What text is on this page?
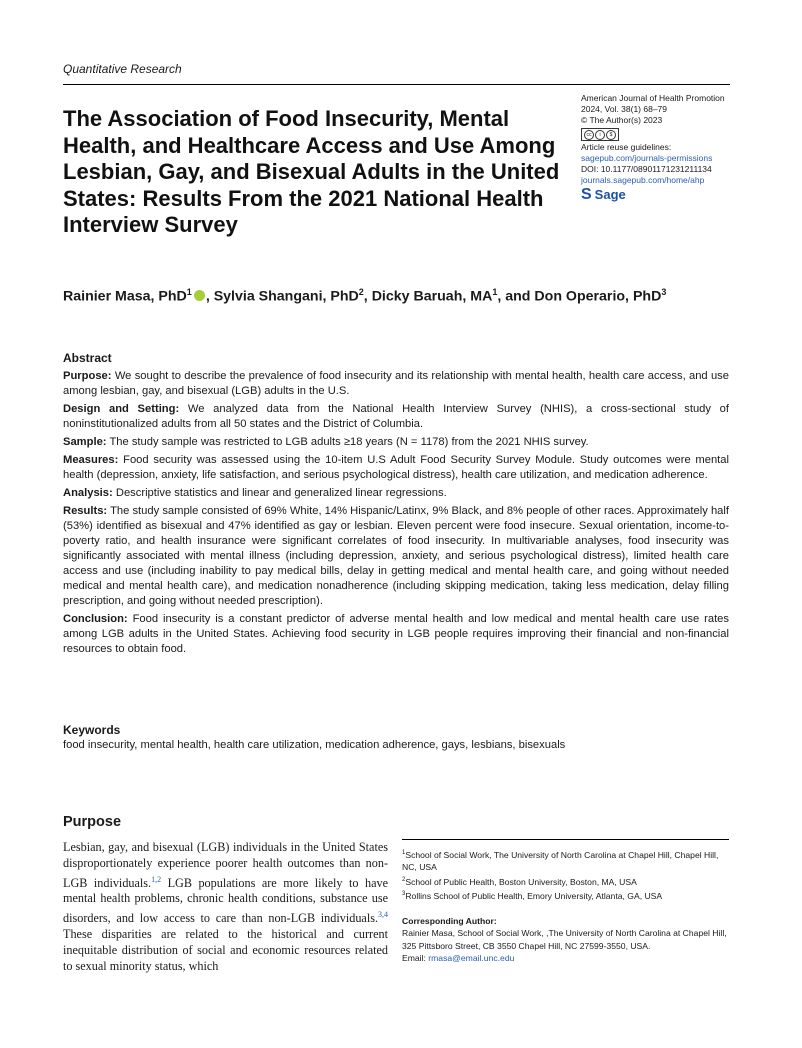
Quantitative Research
The Association of Food Insecurity, Mental Health, and Healthcare Access and Use Among Lesbian, Gay, and Bisexual Adults in the United States: Results From the 2021 National Health Interview Survey
American Journal of Health Promotion
2024, Vol. 38(1) 68–79
© The Author(s) 2023
cc	i	$
Article reuse guidelines:
sagepub.com/journals-permissions
DOI: 10.1177/08901171231211134
journals.sagepub.com/home/ahp
S Sage
Rainier Masa, PhD$^1$ , Sylvia Shangani, PhD$^2$, Dicky Baruah, $MA^1$, and Don Operario, PhD$^3$
Abstract

Purpose: We sought to describe the prevalence of food insecurity and its relationship with mental health, health care access, and use among lesbian, gay, and bisexual (LGB) adults in the U.S.

Design and Setting: We analyzed data from the National Health Interview Survey (NHIS), a cross-sectional study of noninstitutionalized adults from all 50 states and the District of Columbia.

Sample: The study sample was restricted to LGB adults ≥18 years (N = 1178) from the 2021 NHIS survey.

Measures: Food security was assessed using the 10-item U.S Adult Food Security Survey Module. Study outcomes were mental health (depression, anxiety, life satisfaction, and serious psychological distress), health care utilization, and medication adherence.

Analysis: Descriptive statistics and linear and generalized linear regressions.

Results: The study sample consisted of 69% White, 14% Hispanic/Latinx, 9% Black, and 8% people of other races. Approximately half (53%) identified as bisexual and 47% identified as gay or lesbian. Eleven percent were food insecure. Sexual orientation, income-to-poverty ratio, and health insurance were significant correlates of food insecurity. In multivariable analyses, food insecurity was significantly associated with mental illness (including depression, anxiety, and serious psychological distress), limited health care access and use (including inability to pay medical bills, delay in getting medical and mental health care, and going without needed medical and mental health care), and medication nonadherence (including skipping medication, taking less medication, delay filling prescription, and going without needed prescription).

Conclusion: Food insecurity is a constant predictor of adverse mental health and low medical and mental health care use rates among LGB adults in the United States. Achieving food security in LGB people requires improving their financial and non-financial resources to obtain food.

Keywords
food insecurity, mental health, health care utilization, medication adherence, gays, lesbians, bisexuals
Purpose

Lesbian, gay, and bisexual (LGB) individuals in the United States disproportionately experience poorer health outcomes than non-LGB individuals.$^{1,2}$ LGB populations are more likely to have mental health problems, chronic health conditions, substance use disorders, and low access to care than non-LGB individuals.$^{3,4}$ These disparities are related to the historical and current inequitable distribution of social and economic resources related to sexual minority status, which

$^1$School of Social Work, The University of North Carolina at Chapel Hill, Chapel Hill, NC, USA

$^2$School of Public Health, Boston University, Boston, MA, USA

$^3$Rollins School of Public Health, Emory University, Atlanta, GA, USA

Corresponding Author:

Rainier Masa, School of Social Work, ,The University of North Carolina at Chapel Hill, 325 Pittsboro Street, CB 3550 Chapel Hill, NC 27599-3550, USA.
Email: rmasa@email.unc.edu
